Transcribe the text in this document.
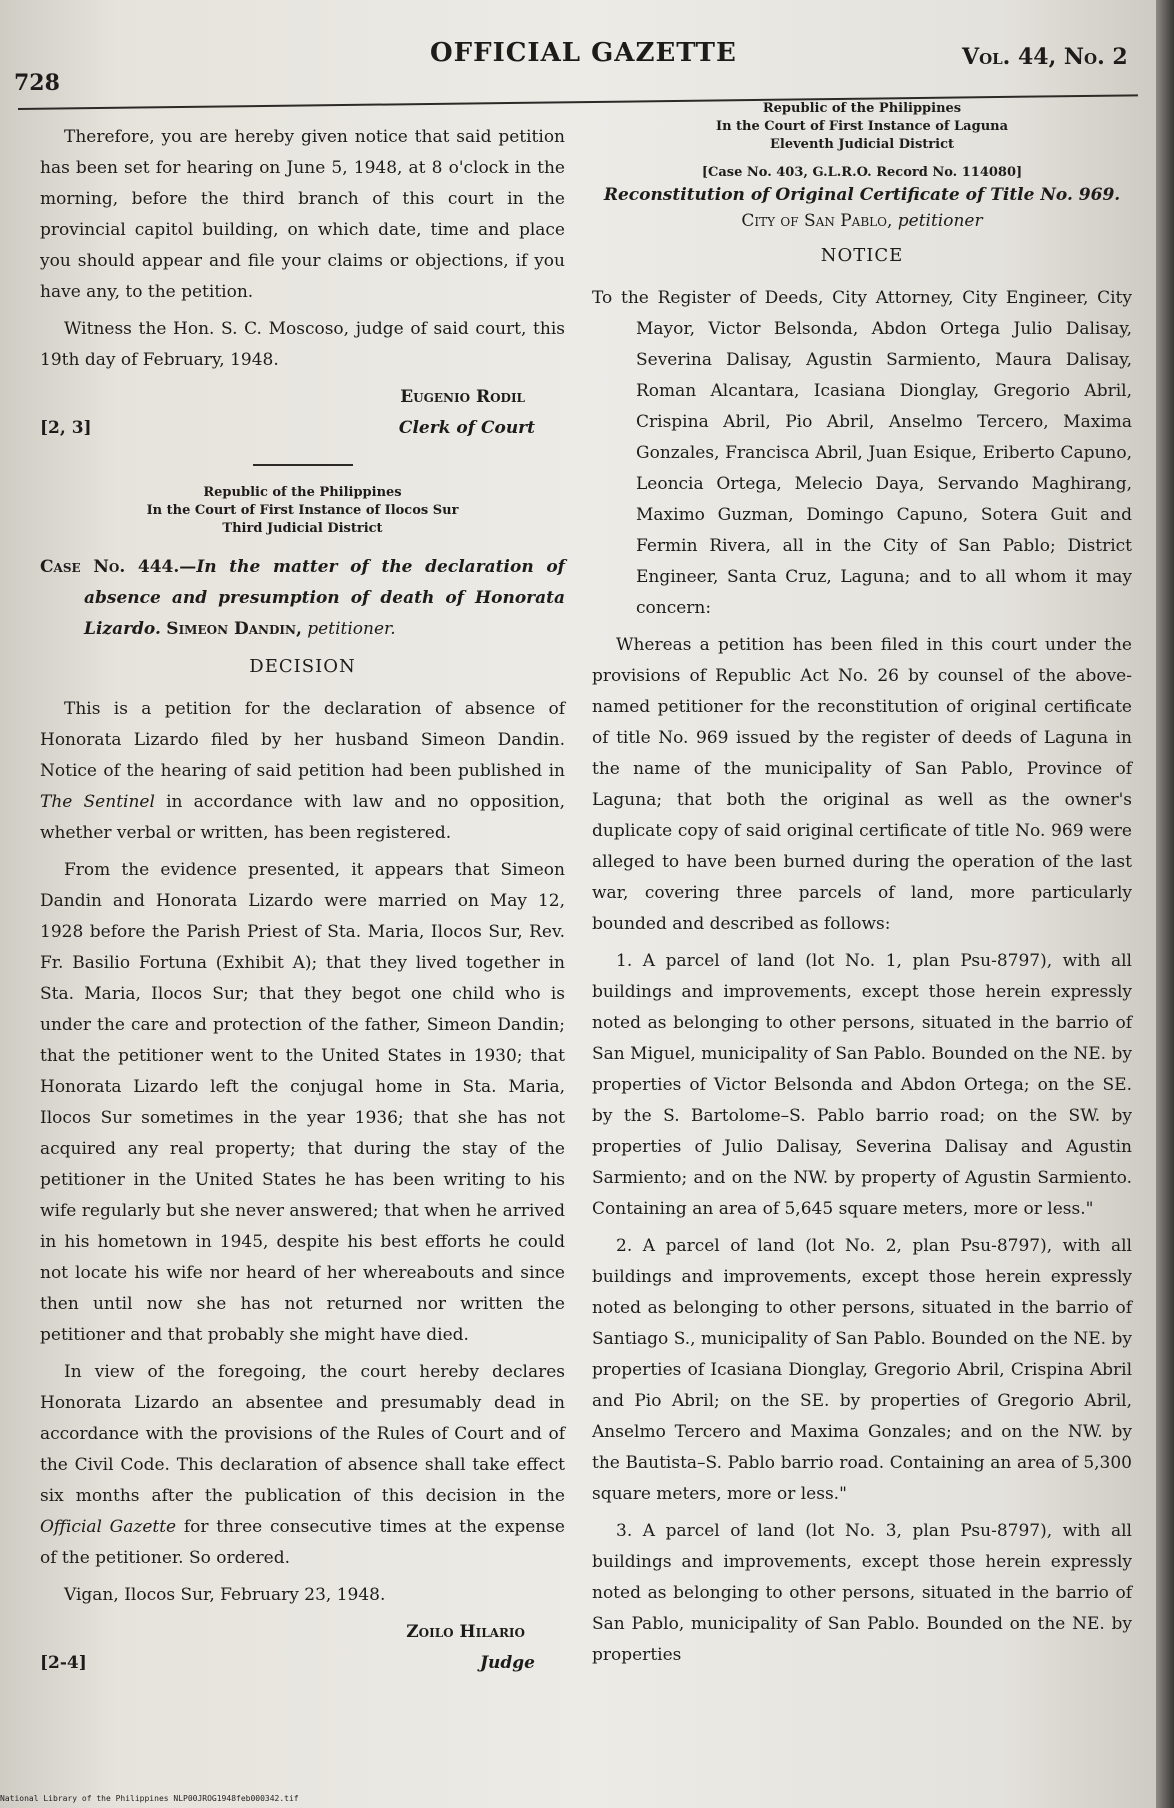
728
OFFICIAL GAZETTE	Vol. 44, No. 2

Therefore, you are hereby given notice that said petition has been set for hearing on June 5, 1948, at 8 o'clock in the morning, before the third branch of this court in the provincial capitol building, on which date, time and place you should appear and file your claims or objections, if you have any, to the petition.

Witness the Hon. S. C. Moscoso, judge of said court, this 19th day of February, 1948.

Eugenio Rodil
[2, 3]	Clerk of Court
Republic of the Philippines
In the Court of First Instance of Ilocos Sur
Third Judicial District

Case No. 444.—In the matter of the declaration of absence and presumption of death of Honorata Lizardo. Simeon Dandin, petitioner.

DECISION

This is a petition for the declaration of absence of Honorata Lizardo filed by her husband Simeon Dandin. Notice of the hearing of said petition had been published in The Sentinel in accordance with law and no opposition, whether verbal or written, has been registered.

From the evidence presented, it appears that Simeon Dandin and Honorata Lizardo were married on May 12, 1928 before the Parish Priest of Sta. Maria, Ilocos Sur, Rev. Fr. Basilio Fortuna (Exhibit A); that they lived together in Sta. Maria, Ilocos Sur; that they begot one child who is under the care and protection of the father, Simeon Dandin; that the petitioner went to the United States in 1930; that Honorata Lizardo left the conjugal home in Sta. Maria, Ilocos Sur sometimes in the year 1936; that she has not acquired any real property; that during the stay of the petitioner in the United States he has been writing to his wife regularly but she never answered; that when he arrived in his hometown in 1945, despite his best efforts he could not locate his wife nor heard of her whereabouts and since then until now she has not returned nor written the petitioner and that probably she might have died.

In view of the foregoing, the court hereby declares Honorata Lizardo an absentee and presumably dead in accordance with the provisions of the Rules of Court and of the Civil Code. This declaration of absence shall take effect six months after the publication of this decision in the Official Gazette for three consecutive times at the expense of the petitioner. So ordered.

Vigan, Ilocos Sur, February 23, 1948.

Zoilo Hilario
[2-4]	Judge
Republic of the Philippines
In the Court of First Instance of Laguna
Eleventh Judicial District
[Case No. 403, G.L.R.O. Record No. 114080]

Reconstitution of Original Certificate of Title No. 969. City of San Pablo, petitioner

NOTICE

To the Register of Deeds, City Attorney, City Engineer, City Mayor, Victor Belsonda, Abdon Ortega Julio Dalisay, Severina Dalisay, Agustin Sarmiento, Maura Dalisay, Roman Alcantara, Icasiana Dionglay, Gregorio Abril, Crispina Abril, Pio Abril, Anselmo Tercero, Maxima Gonzales, Francisca Abril, Juan Esique, Eriberto Capuno, Leoncia Ortega, Melecio Daya, Servando Maghirang, Maximo Guzman, Domingo Capuno, Sotera Guit and Fermin Rivera, all in the City of San Pablo; District Engineer, Santa Cruz, Laguna; and to all whom it may concern:

Whereas a petition has been filed in this court under the provisions of Republic Act No. 26 by counsel of the above-named petitioner for the reconstitution of original certificate of title No. 969 issued by the register of deeds of Laguna in the name of the municipality of San Pablo, Province of Laguna; that both the original as well as the owner's duplicate copy of said original certificate of title No. 969 were alleged to have been burned during the operation of the last war, covering three parcels of land, more particularly bounded and described as follows:

1. A parcel of land (lot No. 1, plan Psu-8797), with all buildings and improvements, except those herein expressly noted as belonging to other persons, situated in the barrio of San Miguel, municipality of San Pablo. Bounded on the NE. by properties of Victor Belsonda and Abdon Ortega; on the SE. by the S. Bartolome–S. Pablo barrio road; on the SW. by properties of Julio Dalisay, Severina Dalisay and Agustin Sarmiento; and on the NW. by property of Agustin Sarmiento. Containing an area of 5,645 square meters, more or less."

2. A parcel of land (lot No. 2, plan Psu-8797), with all buildings and improvements, except those herein expressly noted as belonging to other persons, situated in the barrio of Santiago S., municipality of San Pablo. Bounded on the NE. by properties of Icasiana Dionglay, Gregorio Abril, Crispina Abril and Pio Abril; on the SE. by properties of Gregorio Abril, Anselmo Tercero and Maxima Gonzales; and on the NW. by the Bautista–S. Pablo barrio road. Containing an area of 5,300 square meters, more or less."

3. A parcel of land (lot No. 3, plan Psu-8797), with all buildings and improvements, except those herein expressly noted as belonging to other persons, situated in the barrio of San Pablo, municipality of San Pablo. Bounded on the NE. by properties

National Library of the Philippines NLP00JROG1948feb000342.tif
